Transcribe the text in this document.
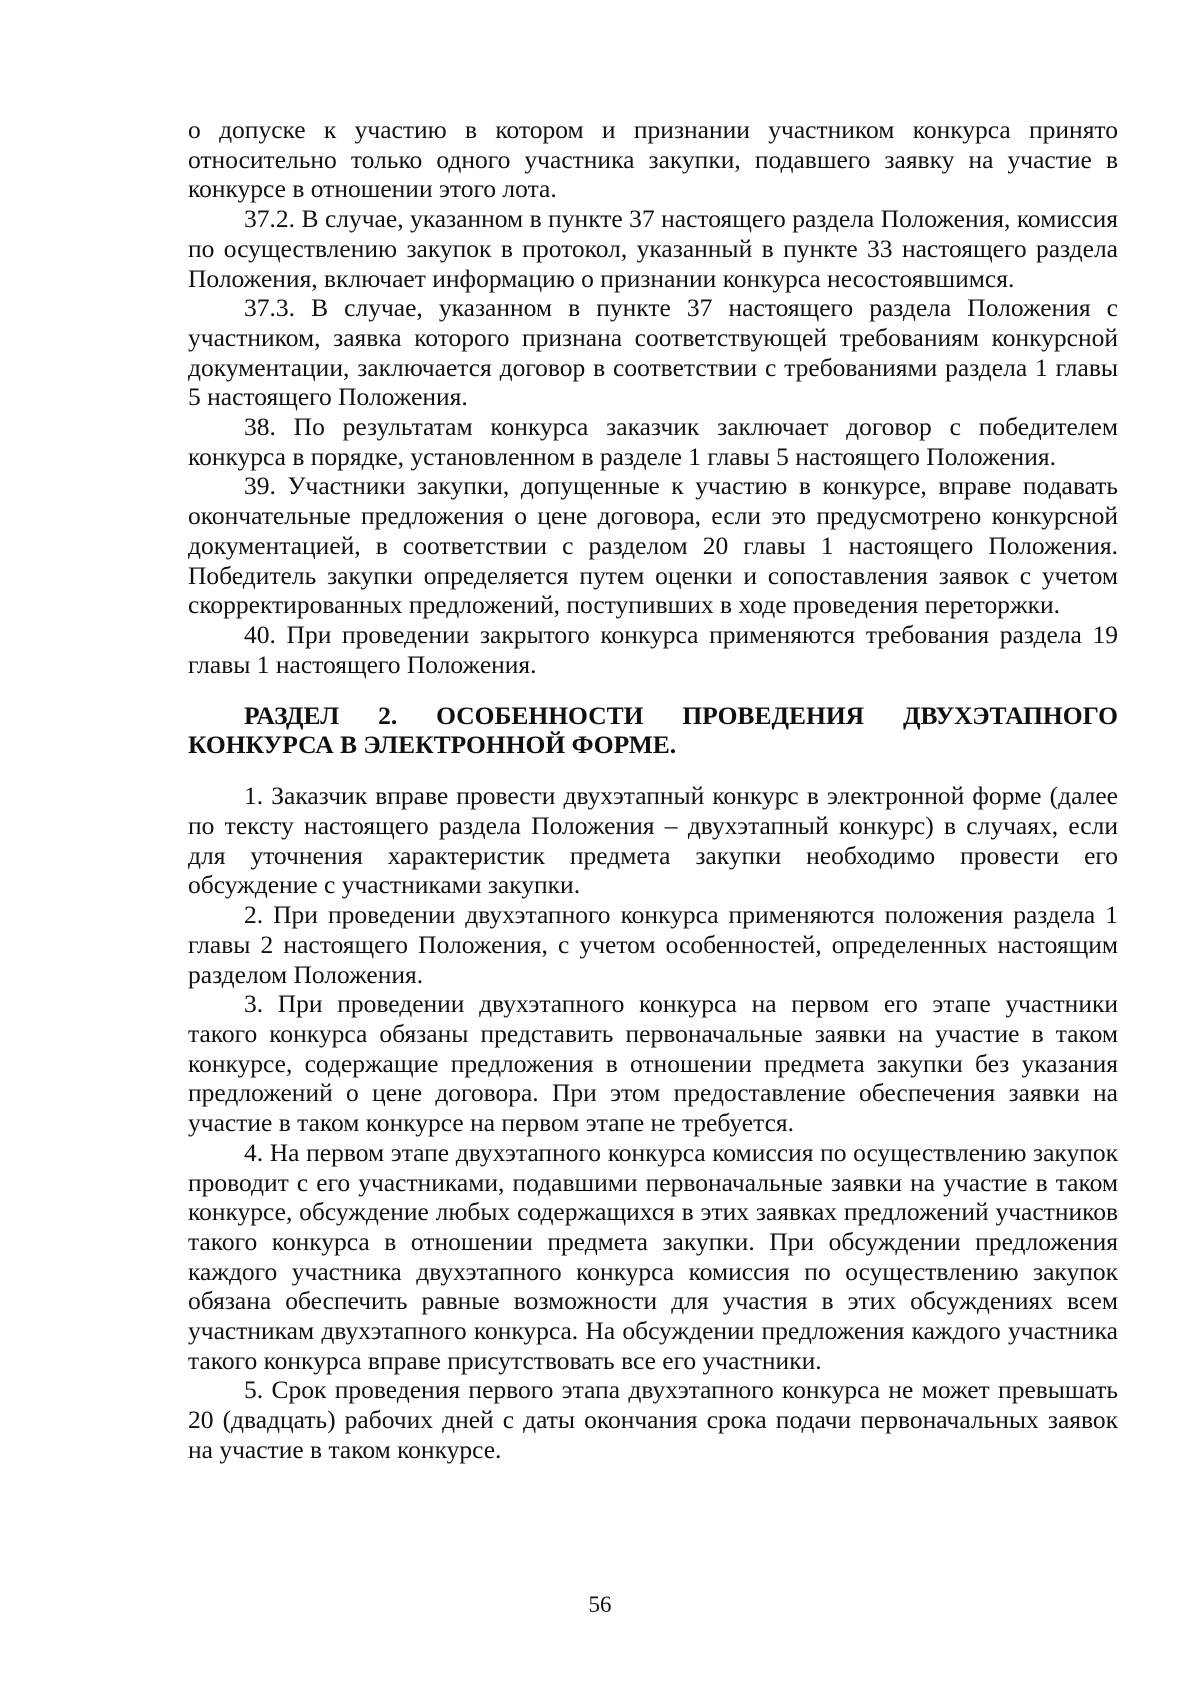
о допуске к участию в котором и признании участником конкурса принято относительно только одного участника закупки, подавшего заявку на участие в конкурсе в отношении этого лота.

37.2. В случае, указанном в пункте 37 настоящего раздела Положения, комиссия по осуществлению закупок в протокол, указанный в пункте 33 настоящего раздела Положения, включает информацию о признании конкурса несостоявшимся.

37.3. В случае, указанном в пункте 37 настоящего раздела Положения с участником, заявка которого признана соответствующей требованиям конкурсной документации, заключается договор в соответствии с требованиями раздела 1 главы 5 настоящего Положения.

38. По результатам конкурса заказчик заключает договор с победителем конкурса в порядке, установленном в разделе 1 главы 5 настоящего Положения.

39. Участники закупки, допущенные к участию в конкурсе, вправе подавать окончательные предложения о цене договора, если это предусмотрено конкурсной документацией, в соответствии с разделом 20 главы 1 настоящего Положения. Победитель закупки определяется путем оценки и сопоставления заявок с учетом скорректированных предложений, поступивших в ходе проведения переторжки.

40. При проведении закрытого конкурса применяются требования раздела 19 главы 1 настоящего Положения.

РАЗДЕЛ 2. ОСОБЕННОСТИ ПРОВЕДЕНИЯ ДВУХЭТАПНОГО КОНКУРСА В ЭЛЕКТРОННОЙ ФОРМЕ.

1. Заказчик вправе провести двухэтапный конкурс в электронной форме (далее по тексту настоящего раздела Положения – двухэтапный конкурс) в случаях, если для уточнения характеристик предмета закупки необходимо провести его обсуждение с участниками закупки.

2. При проведении двухэтапного конкурса применяются положения раздела 1 главы 2 настоящего Положения, с учетом особенностей, определенных настоящим разделом Положения.

3. При проведении двухэтапного конкурса на первом его этапе участники такого конкурса обязаны представить первоначальные заявки на участие в таком конкурсе, содержащие предложения в отношении предмета закупки без указания предложений о цене договора. При этом предоставление обеспечения заявки на участие в таком конкурсе на первом этапе не требуется.

4. На первом этапе двухэтапного конкурса комиссия по осуществлению закупок проводит с его участниками, подавшими первоначальные заявки на участие в таком конкурсе, обсуждение любых содержащихся в этих заявках предложений участников такого конкурса в отношении предмета закупки. При обсуждении предложения каждого участника двухэтапного конкурса комиссия по осуществлению закупок обязана обеспечить равные возможности для участия в этих обсуждениях всем участникам двухэтапного конкурса. На обсуждении предложения каждого участника такого конкурса вправе присутствовать все его участники.

5. Срок проведения первого этапа двухэтапного конкурса не может превышать 20 (двадцать) рабочих дней с даты окончания срока подачи первоначальных заявок на участие в таком конкурсе.

56
